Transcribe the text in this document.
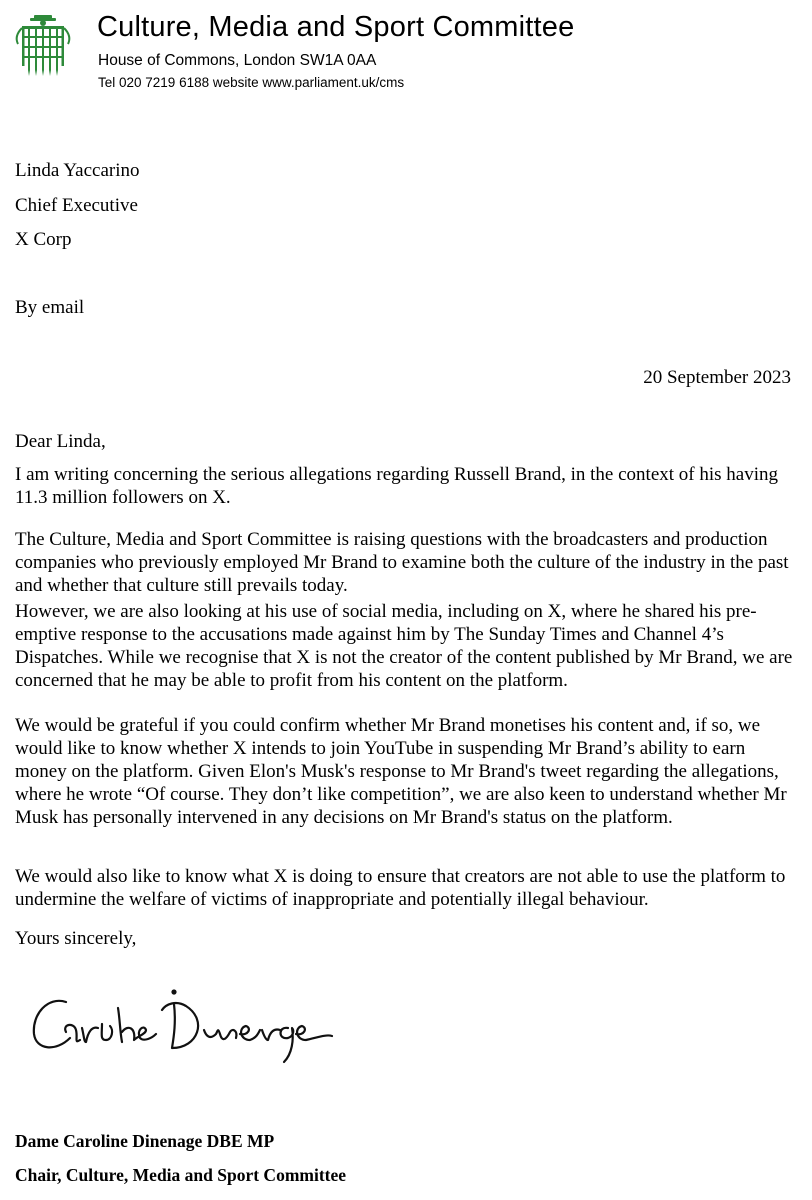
Culture, Media and Sport Committee
House of Commons, London SW1A 0AA
Tel 020 7219 6188 website www.parliament.uk/cms
Linda Yaccarino
Chief Executive
X Corp
By email
20 September 2023
Dear Linda,

I am writing concerning the serious allegations regarding Russell Brand, in the context of his having 11.3 million followers on X.

The Culture, Media and Sport Committee is raising questions with the broadcasters and production companies who previously employed Mr Brand to examine both the culture of the industry in the past and whether that culture still prevails today.

However, we are also looking at his use of social media, including on X, where he shared his pre-emptive response to the accusations made against him by The Sunday Times and Channel 4’s Dispatches. While we recognise that X is not the creator of the content published by Mr Brand, we are concerned that he may be able to profit from his content on the platform.

We would be grateful if you could confirm whether Mr Brand monetises his content and, if so, we would like to know whether X intends to join YouTube in suspending Mr Brand’s ability to earn money on the platform. Given Elon's Musk's response to Mr Brand's tweet regarding the allegations, where he wrote “Of course. They don’t like competition”, we are also keen to understand whether Mr Musk has personally intervened in any decisions on Mr Brand's status on the platform.

We would also like to know what X is doing to ensure that creators are not able to use the platform to undermine the welfare of victims of inappropriate and potentially illegal behaviour.

Yours sincerely,
Dame Caroline Dinenage DBE MP
Chair, Culture, Media and Sport Committee
